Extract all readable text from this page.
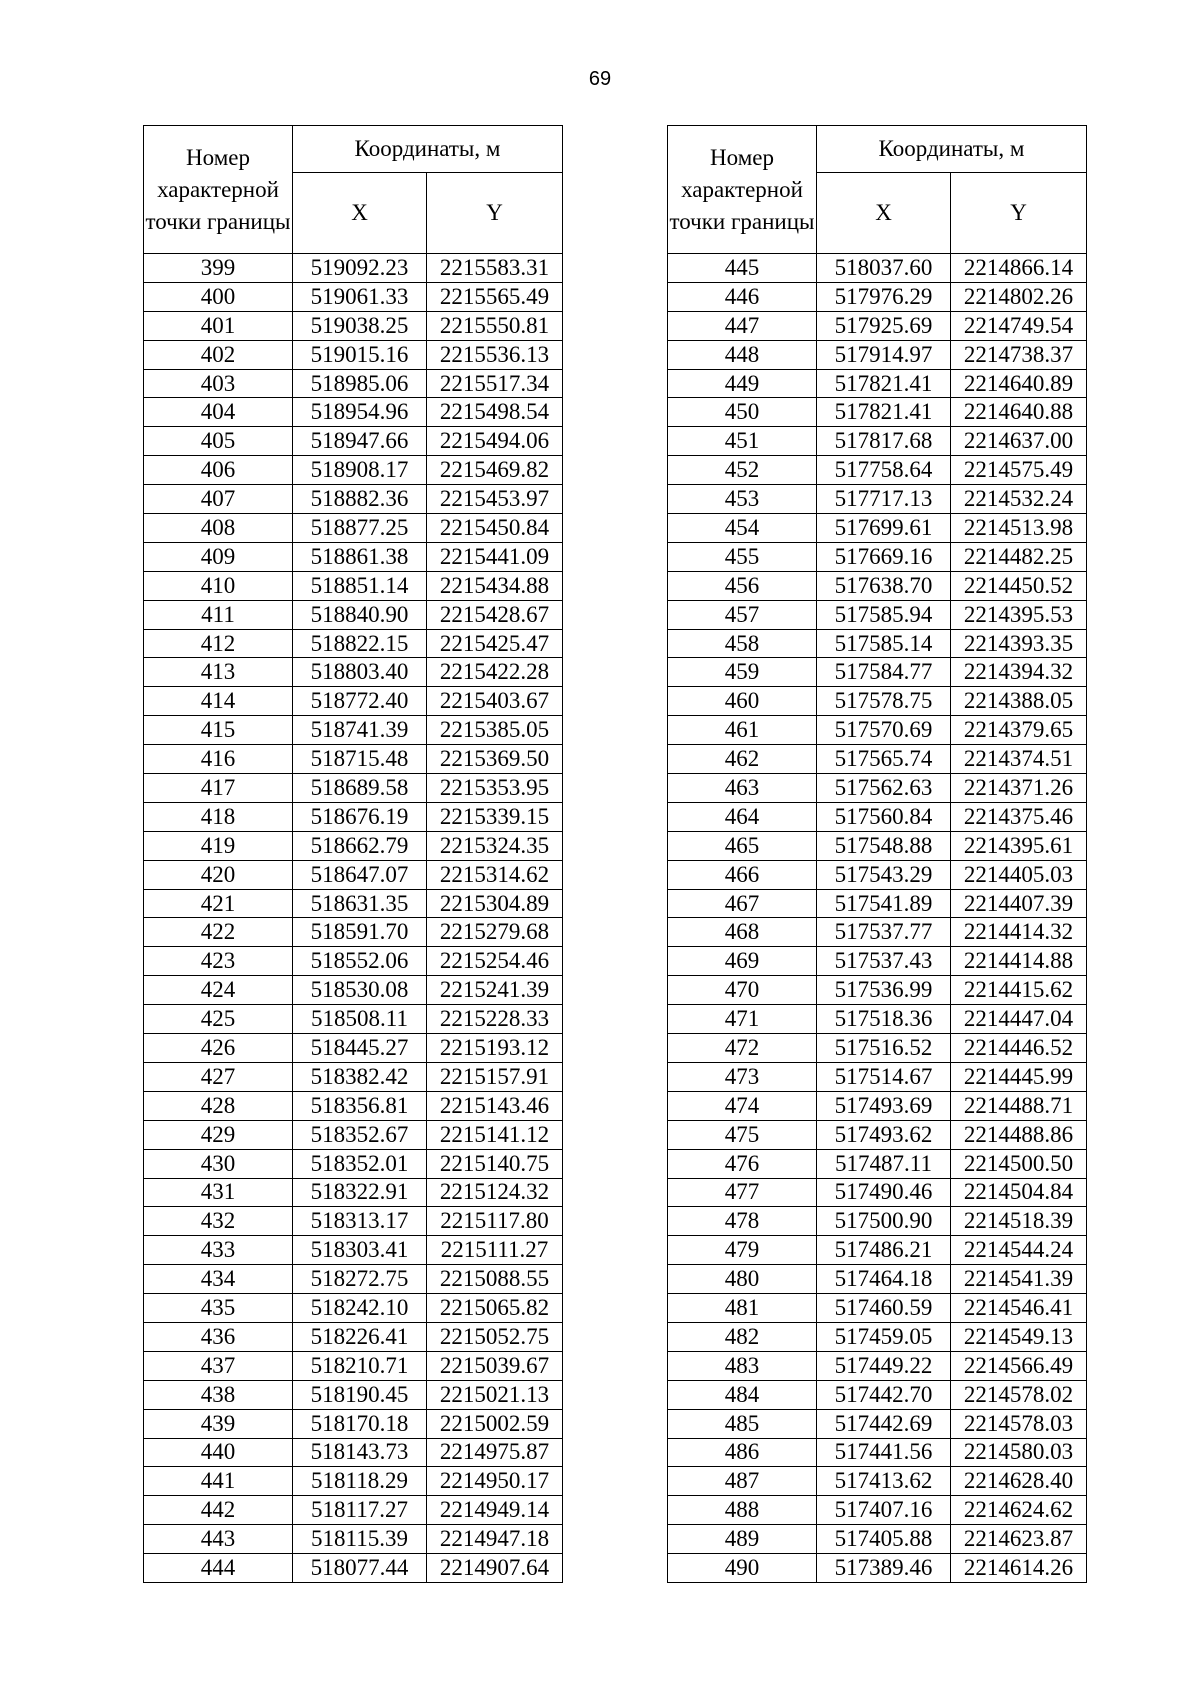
69
Номер характерной точки границы	Координаты, м	
	X	Y
399	519092.23	2215583.31
400	519061.33	2215565.49
401	519038.25	2215550.81
402	519015.16	2215536.13
403	518985.06	2215517.34
404	518954.96	2215498.54
405	518947.66	2215494.06
406	518908.17	2215469.82
407	518882.36	2215453.97
408	518877.25	2215450.84
409	518861.38	2215441.09
410	518851.14	2215434.88
411	518840.90	2215428.67
412	518822.15	2215425.47
413	518803.40	2215422.28
414	518772.40	2215403.67
415	518741.39	2215385.05
416	518715.48	2215369.50
417	518689.58	2215353.95
418	518676.19	2215339.15
419	518662.79	2215324.35
420	518647.07	2215314.62
421	518631.35	2215304.89
422	518591.70	2215279.68
423	518552.06	2215254.46
424	518530.08	2215241.39
425	518508.11	2215228.33
426	518445.27	2215193.12
427	518382.42	2215157.91
428	518356.81	2215143.46
429	518352.67	2215141.12
430	518352.01	2215140.75
431	518322.91	2215124.32
432	518313.17	2215117.80
433	518303.41	2215111.27
434	518272.75	2215088.55
435	518242.10	2215065.82
436	518226.41	2215052.75
437	518210.71	2215039.67
438	518190.45	2215021.13
439	518170.18	2215002.59
440	518143.73	2214975.87
441	518118.29	2214950.17
442	518117.27	2214949.14
443	518115.39	2214947.18
444	518077.44	2214907.64
Номер характерной точки границы	Координаты, м	
	X	Y
445	518037.60	2214866.14
446	517976.29	2214802.26
447	517925.69	2214749.54
448	517914.97	2214738.37
449	517821.41	2214640.89
450	517821.41	2214640.88
451	517817.68	2214637.00
452	517758.64	2214575.49
453	517717.13	2214532.24
454	517699.61	2214513.98
455	517669.16	2214482.25
456	517638.70	2214450.52
457	517585.94	2214395.53
458	517585.14	2214393.35
459	517584.77	2214394.32
460	517578.75	2214388.05
461	517570.69	2214379.65
462	517565.74	2214374.51
463	517562.63	2214371.26
464	517560.84	2214375.46
465	517548.88	2214395.61
466	517543.29	2214405.03
467	517541.89	2214407.39
468	517537.77	2214414.32
469	517537.43	2214414.88
470	517536.99	2214415.62
471	517518.36	2214447.04
472	517516.52	2214446.52
473	517514.67	2214445.99
474	517493.69	2214488.71
475	517493.62	2214488.86
476	517487.11	2214500.50
477	517490.46	2214504.84
478	517500.90	2214518.39
479	517486.21	2214544.24
480	517464.18	2214541.39
481	517460.59	2214546.41
482	517459.05	2214549.13
483	517449.22	2214566.49
484	517442.70	2214578.02
485	517442.69	2214578.03
486	517441.56	2214580.03
487	517413.62	2214628.40
488	517407.16	2214624.62
489	517405.88	2214623.87
490	517389.46	2214614.26
